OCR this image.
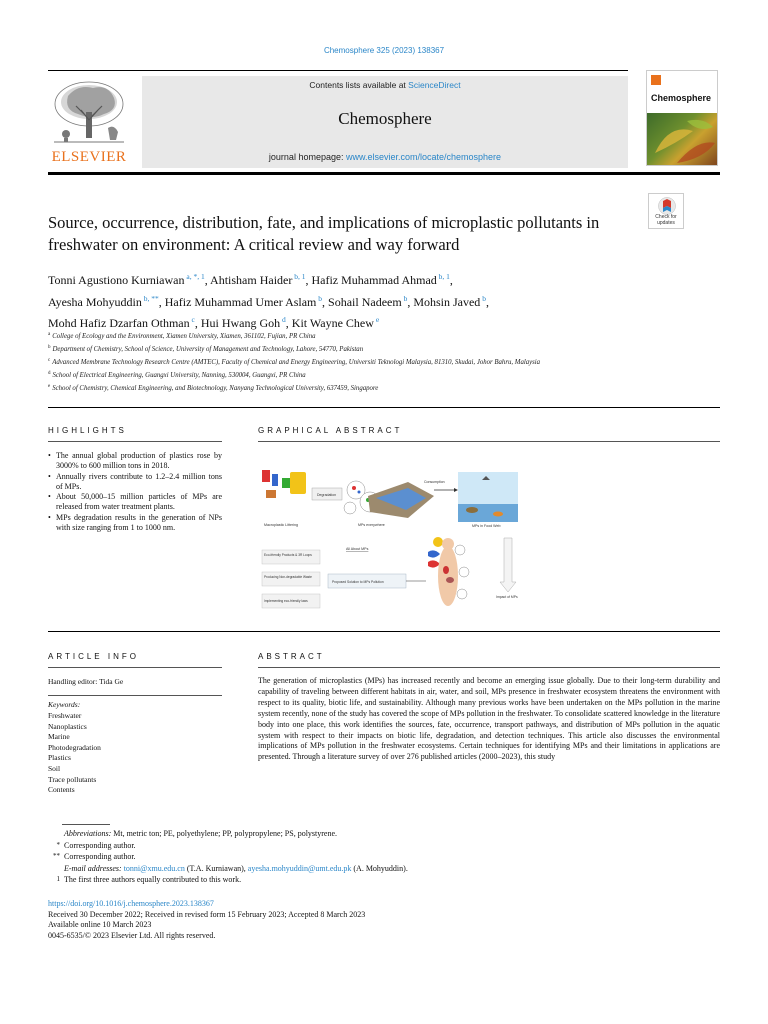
Chemosphere 325 (2023) 138367
ELSEVIER
Contents lists available at ScienceDirect
Chemosphere
journal homepage: www.elsevier.com/locate/chemosphere
Chemosphere
Check for updates
Source, occurrence, distribution, fate, and implications of microplastic pollutants in freshwater on environment: A critical review and way forward
Tonni Agustiono Kurniawan $^{a, *, 1}$, Ahtisham Haider $^{b, 1}$, Hafiz Muhammad Ahmad $^{b, 1}$,
Ayesha Mohyuddin $^{b, **}$, Hafiz Muhammad Umer Aslam $^b$, Sohail Nadeem $^b$, Mohsin Javed $^b$,
Mohd Hafiz Dzarfan Othman $^c$, Hui Hwang Goh $^d$, Kit Wayne Chew $^e$
$^a$ College of Ecology and the Environment, Xiamen University, Xiamen, 361102, Fujian, PR China
$^b$ Department of Chemistry, School of Science, University of Management and Technology, Lahore, 54770, Pakistan
$^c$ Advanced Membrane Technology Research Centre (AMTEC), Faculty of Chemical and Energy Engineering, Universiti Teknologi Malaysia, 81310, Skudai, Johor Bahru, Malaysia
$^d$ School of Electrical Engineering, Guangxi University, Nanning, 530004, Guangxi, PR China
$^e$ School of Chemistry, Chemical Engineering, and Biotechnology, Nanyang Technological University, 637459, Singapore
HIGHLIGHTS
• The annual global production of plastics rose by 3000% to 600 million tons in 2018.
• Annually rivers contribute to 1.2–2.4 million tons of MPs.
• About 50,000–15 million particles of MPs are released from water treatment plants.
• MPs degradation results in the generation of NPs with size ranging from 1 to 1000 nm.
GRAPHICAL ABSTRACT
Macroplastic Littering
Degradation
MPs everywhere
Consumption
MPs in Food Web
Eco-friendly Products & 3R Loops
Producing Non-degradable Waste
Implementing eco-friendly laws
All About MPs
Proposed Solution to MPs Pollution
Impact of MPs
ARTICLE INFO
Handling editor: Tida Ge
Keywords:
Freshwater
Nanoplastics
Marine
Photodegradation
Plastics
Soil
Trace pollutants
Contents
ABSTRACT

The generation of microplastics (MPs) has increased recently and become an emerging issue globally. Due to their long-term durability and capability of traveling between different habitats in air, water, and soil, MPs presence in freshwater ecosystem threatens the environment with respect to its quality, biotic life, and sustainability. Although many previous works have been undertaken on the MPs pollution in the marine system recently, none of the study has covered the scope of MPs pollution in the freshwater. To consolidate scattered knowledge in the literature body into one place, this work identifies the sources, fate, occurrence, transport pathways, and distribution of MPs pollution in the aquatic system with respect to their impacts on biotic life, degradation, and detection techniques. This article also discusses the environmental implications of MPs pollution in the freshwater ecosystems. Certain techniques for identifying MPs and their limitations in applications are presented. Through a literature survey of over 276 published articles (2000–2023), this study

Abbreviations: Mt, metric ton; PE, polyethylene; PP, polypropylene; PS, polystyrene.
* Corresponding author.
** Corresponding author.
E-mail addresses: tonni@xmu.edu.cn (T.A. Kurniawan), ayesha.mohyuddin@umt.edu.pk (A. Mohyuddin).
1 The first three authors equally contributed to this work.
https://doi.org/10.1016/j.chemosphere.2023.138367
Received 30 December 2022; Received in revised form 15 February 2023; Accepted 8 March 2023
Available online 10 March 2023
0045-6535/© 2023 Elsevier Ltd. All rights reserved.
